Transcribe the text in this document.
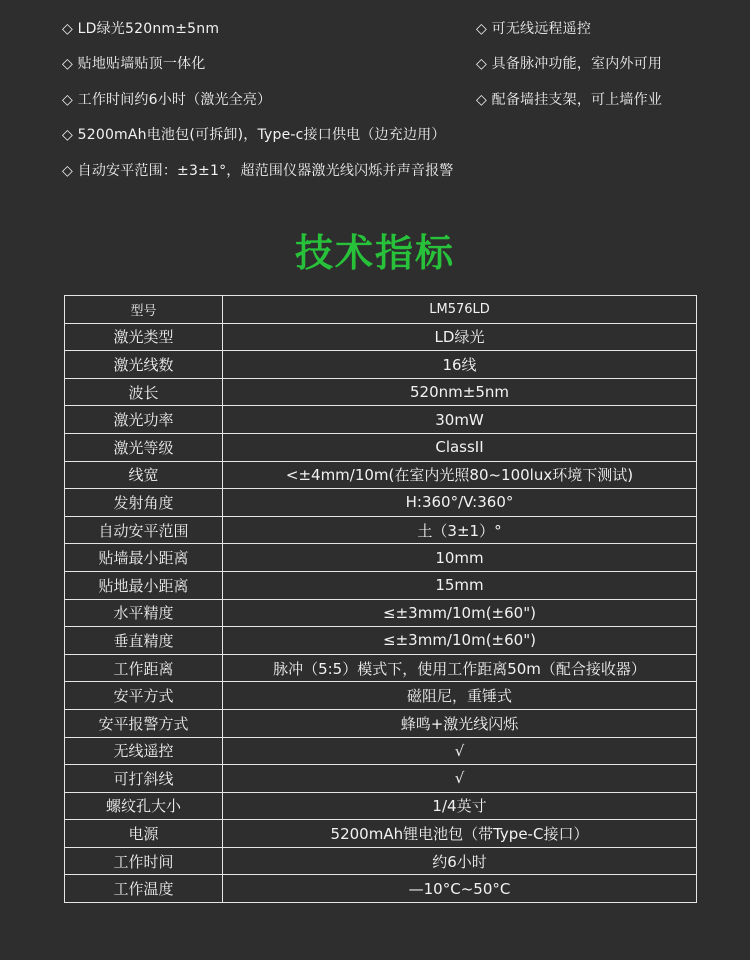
◇ LD绿光520nm±5nm	◇ 可无线远程遥控
◇ 贴地贴墙贴顶一体化	◇ 具备脉冲功能，室内外可用
◇ 工作时间约6小时（激光全亮）	◇ 配备墙挂支架，可上墙作业
◇ 5200mAh电池包(可拆卸)，Type-c接口供电（边充边用）
◇ 自动安平范围：±3±1°，超范围仪器激光线闪烁并声音报警
技术指标
型号	LM576LD
激光类型	LD绿光
激光线数	16线
波长	520nm±5nm
激光功率	30mW
激光等级	ClassII
线宽	<±4mm/10m(在室内光照80~100lux环境下测试)
发射角度	H:360°/V:360°
自动安平范围	土（3±1）°
贴墙最小距离	10mm
贴地最小距离	15mm
水平精度	≤±3mm/10m(±60")
垂直精度	≤±3mm/10m(±60")
工作距离	脉冲（5:5）模式下，使用工作距离50m（配合接收器）
安平方式	磁阻尼，重锤式
安平报警方式	蜂鸣+激光线闪烁
无线遥控	√
可打斜线	√
螺纹孔大小	1/4英寸
电源	5200mAh锂电池包（带Type-C接口）
工作时间	约6小时
工作温度	—10°C~50°C
